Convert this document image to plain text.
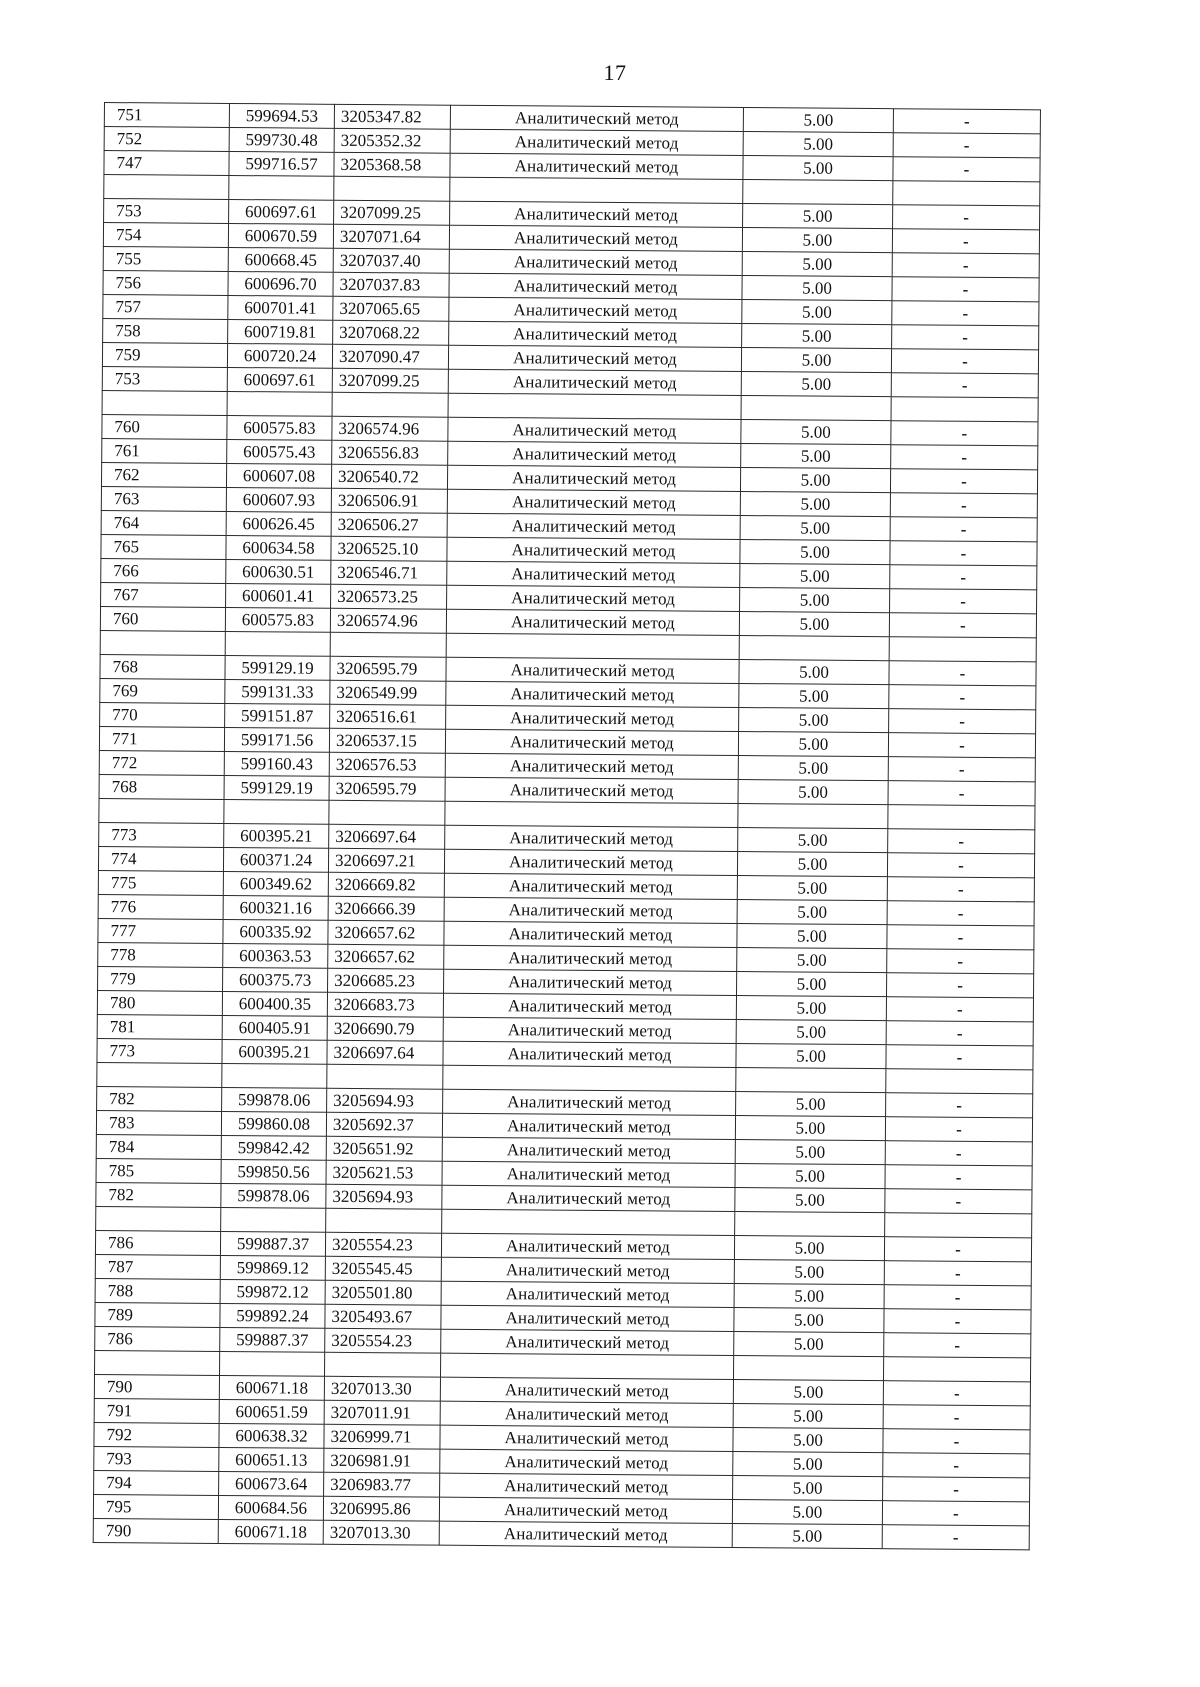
17
751	599694.53	3205347.82	Аналитический метод	5.00	-
752	599730.48	3205352.32	Аналитический метод	5.00	-
747	599716.57	3205368.58	Аналитический метод	5.00	-

753	600697.61	3207099.25	Аналитический метод	5.00	-
754	600670.59	3207071.64	Аналитический метод	5.00	-
755	600668.45	3207037.40	Аналитический метод	5.00	-
756	600696.70	3207037.83	Аналитический метод	5.00	-
757	600701.41	3207065.65	Аналитический метод	5.00	-
758	600719.81	3207068.22	Аналитический метод	5.00	-
759	600720.24	3207090.47	Аналитический метод	5.00	-
753	600697.61	3207099.25	Аналитический метод	5.00	-

760	600575.83	3206574.96	Аналитический метод	5.00	-
761	600575.43	3206556.83	Аналитический метод	5.00	-
762	600607.08	3206540.72	Аналитический метод	5.00	-
763	600607.93	3206506.91	Аналитический метод	5.00	-
764	600626.45	3206506.27	Аналитический метод	5.00	-
765	600634.58	3206525.10	Аналитический метод	5.00	-
766	600630.51	3206546.71	Аналитический метод	5.00	-
767	600601.41	3206573.25	Аналитический метод	5.00	-
760	600575.83	3206574.96	Аналитический метод	5.00	-

768	599129.19	3206595.79	Аналитический метод	5.00	-
769	599131.33	3206549.99	Аналитический метод	5.00	-
770	599151.87	3206516.61	Аналитический метод	5.00	-
771	599171.56	3206537.15	Аналитический метод	5.00	-
772	599160.43	3206576.53	Аналитический метод	5.00	-
768	599129.19	3206595.79	Аналитический метод	5.00	-

773	600395.21	3206697.64	Аналитический метод	5.00	-
774	600371.24	3206697.21	Аналитический метод	5.00	-
775	600349.62	3206669.82	Аналитический метод	5.00	-
776	600321.16	3206666.39	Аналитический метод	5.00	-
777	600335.92	3206657.62	Аналитический метод	5.00	-
778	600363.53	3206657.62	Аналитический метод	5.00	-
779	600375.73	3206685.23	Аналитический метод	5.00	-
780	600400.35	3206683.73	Аналитический метод	5.00	-
781	600405.91	3206690.79	Аналитический метод	5.00	-
773	600395.21	3206697.64	Аналитический метод	5.00	-

782	599878.06	3205694.93	Аналитический метод	5.00	-
783	599860.08	3205692.37	Аналитический метод	5.00	-
784	599842.42	3205651.92	Аналитический метод	5.00	-
785	599850.56	3205621.53	Аналитический метод	5.00	-
782	599878.06	3205694.93	Аналитический метод	5.00	-

786	599887.37	3205554.23	Аналитический метод	5.00	-
787	599869.12	3205545.45	Аналитический метод	5.00	-
788	599872.12	3205501.80	Аналитический метод	5.00	-
789	599892.24	3205493.67	Аналитический метод	5.00	-
786	599887.37	3205554.23	Аналитический метод	5.00	-

790	600671.18	3207013.30	Аналитический метод	5.00	-
791	600651.59	3207011.91	Аналитический метод	5.00	-
792	600638.32	3206999.71	Аналитический метод	5.00	-
793	600651.13	3206981.91	Аналитический метод	5.00	-
794	600673.64	3206983.77	Аналитический метод	5.00	-
795	600684.56	3206995.86	Аналитический метод	5.00	-
790	600671.18	3207013.30	Аналитический метод	5.00	-
